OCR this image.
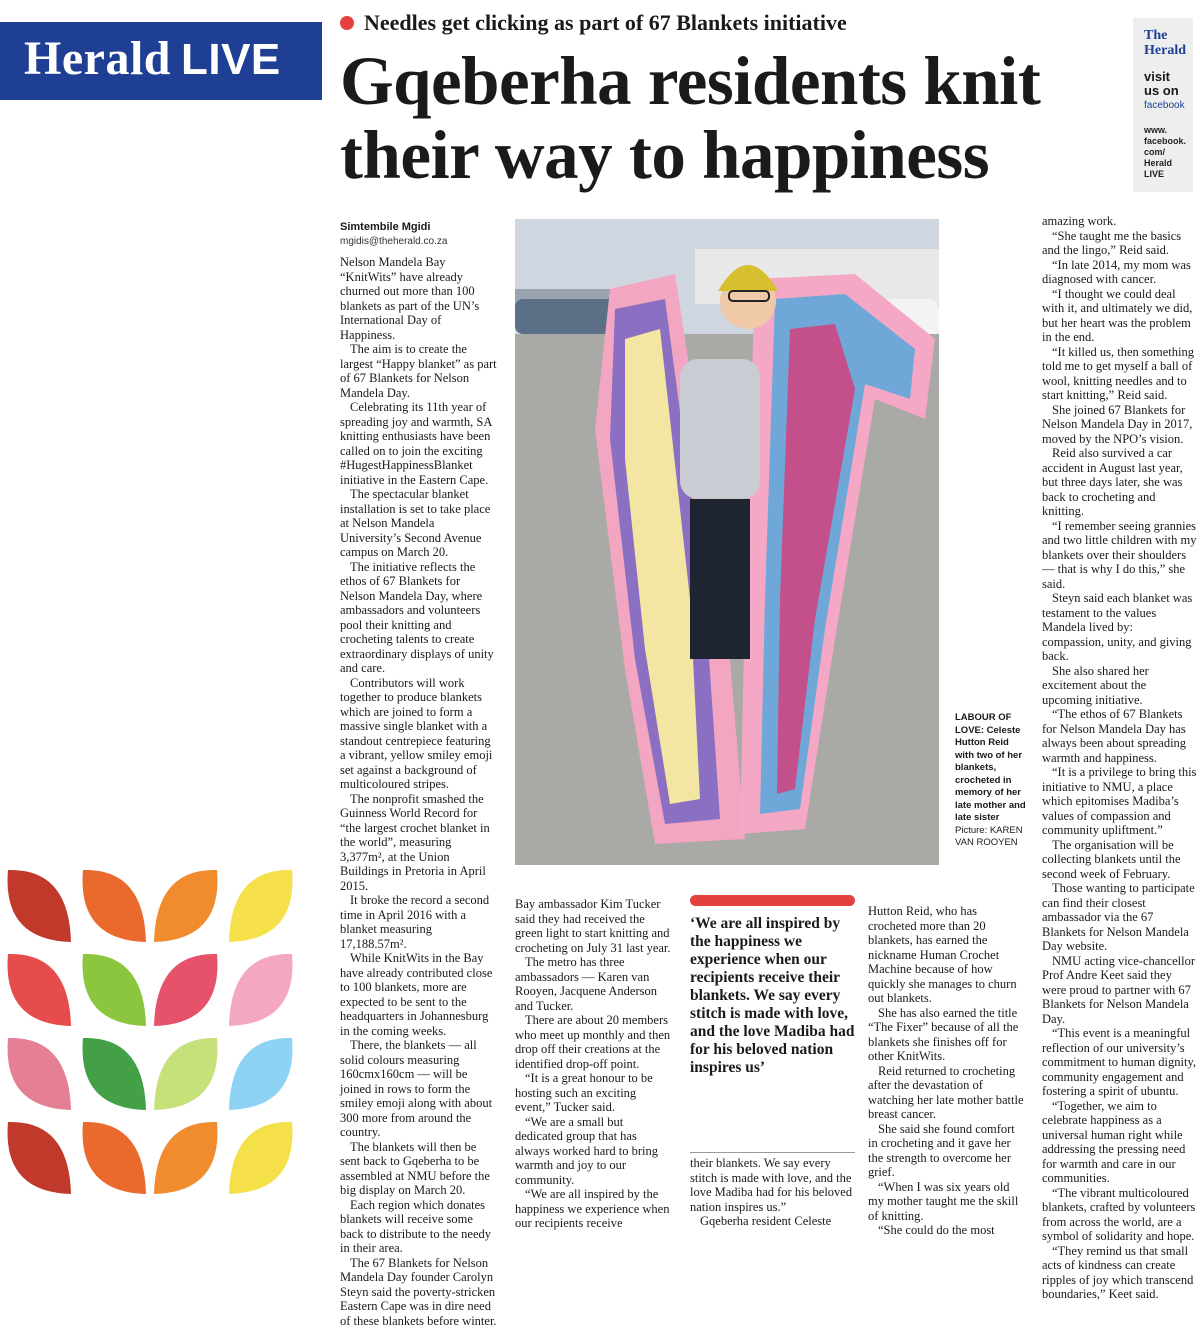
Herald LIVE
Needles get clicking as part of 67 Blankets initiative
Gqeberha residents knit
their way to happiness
The
Herald
visit
us on
facebook
www.
facebook.
com/
Herald
LIVE
Simtembile Mgidi
mgidis@theherald.co.za

Nelson Mandela Bay “KnitWits” have already churned out more than 100 blankets as part of the UN’s International Day of Happiness.

The aim is to create the largest “Happy blanket” as part of 67 Blankets for Nelson Mandela Day.

Celebrating its 11th year of spreading joy and warmth, SA knitting enthusiasts have been called on to join the exciting #HugestHappinessBlanket initiative in the Eastern Cape.

The spectacular blanket installation is set to take place at Nelson Mandela University’s Second Avenue campus on March 20.

The initiative reflects the ethos of 67 Blankets for Nelson Mandela Day, where ambassadors and volunteers pool their knitting and crocheting talents to create extraordinary displays of unity and care.

Contributors will work together to produce blankets which are joined to form a massive single blanket with a standout centrepiece featuring a vibrant, yellow smiley emoji set against a background of multicoloured stripes.

The nonprofit smashed the Guinness World Record for “the largest crochet blanket in the world”, measuring 3,377m², at the Union Buildings in Pretoria in April 2015.

It broke the record a second time in April 2016 with a blanket measuring 17,188.57m².

While KnitWits in the Bay have already contributed close to 100 blankets, more are expected to be sent to the headquarters in Johannesburg in the coming weeks.

There, the blankets — all solid colours measuring 160cmx160cm — will be joined in rows to form the smiley emoji along with about 300 more from around the country.

The blankets will then be sent back to Gqeberha to be assembled at NMU before the big display on March 20.

Each region which donates blankets will receive some back to distribute to the needy in their area.

The 67 Blankets for Nelson Mandela Day founder Carolyn Steyn said the poverty-stricken Eastern Cape was in dire need of these blankets before winter.

LABOUR OF LOVE: Celeste Hutton Reid with two of her blankets, crocheted in memory of her late mother and late sister
Picture: KAREN VAN ROOYEN

Bay ambassador Kim Tucker said they had received the green light to start knitting and crocheting on July 31 last year.

The metro has three ambassadors — Karen van Rooyen, Jacquene Anderson and Tucker.

There are about 20 members who meet up monthly and then drop off their creations at the identified drop-off point.

“It is a great honour to be hosting such an exciting event,” Tucker said.

“We are a small but dedicated group that has always worked hard to bring warmth and joy to our community.

“We are all inspired by the happiness we experience when our recipients receive

‘We are all inspired by the happiness we experience when our recipients receive their blankets. We say every stitch is made with love, and the love Madiba had for his beloved nation inspires us’

their blankets. We say every stitch is made with love, and the love Madiba had for his beloved nation inspires us.”

Gqeberha resident Celeste

Hutton Reid, who has crocheted more than 20 blankets, has earned the nickname Human Crochet Machine because of how quickly she manages to churn out blankets.

She has also earned the title “The Fixer” because of all the blankets she finishes off for other KnitWits.

Reid returned to crocheting after the devastation of watching her late mother battle breast cancer.

She said she found comfort in crocheting and it gave her the strength to overcome her grief.

“When I was six years old my mother taught me the skill of knitting.

“She could do the most

amazing work.

“She taught me the basics and the lingo,” Reid said.

“In late 2014, my mom was diagnosed with cancer.

“I thought we could deal with it, and ultimately we did, but her heart was the problem in the end.

“It killed us, then something told me to get myself a ball of wool, knitting needles and to start knitting,” Reid said.

She joined 67 Blankets for Nelson Mandela Day in 2017, moved by the NPO’s vision.

Reid also survived a car accident in August last year, but three days later, she was back to crocheting and knitting.

“I remember seeing grannies and two little children with my blankets over their shoulders — that is why I do this,” she said.

Steyn said each blanket was testament to the values Mandela lived by: compassion, unity, and giving back.

She also shared her excitement about the upcoming initiative.

“The ethos of 67 Blankets for Nelson Mandela Day has always been about spreading warmth and happiness.

“It is a privilege to bring this initiative to NMU, a place which epitomises Madiba’s values of compassion and community upliftment.”

The organisation will be collecting blankets until the second week of February.

Those wanting to participate can find their closest ambassador via the 67 Blankets for Nelson Mandela Day website.

NMU acting vice-chancellor Prof Andre Keet said they were proud to partner with 67 Blankets for Nelson Mandela Day.

“This event is a meaningful reflection of our university’s commitment to human dignity, community engagement and fostering a spirit of ubuntu.

“Together, we aim to celebrate happiness as a universal human right while addressing the pressing need for warmth and care in our communities.

“The vibrant multicoloured blankets, crafted by volunteers from across the world, are a symbol of solidarity and hope.

“They remind us that small acts of kindness can create ripples of joy which transcend boundaries,” Keet said.
